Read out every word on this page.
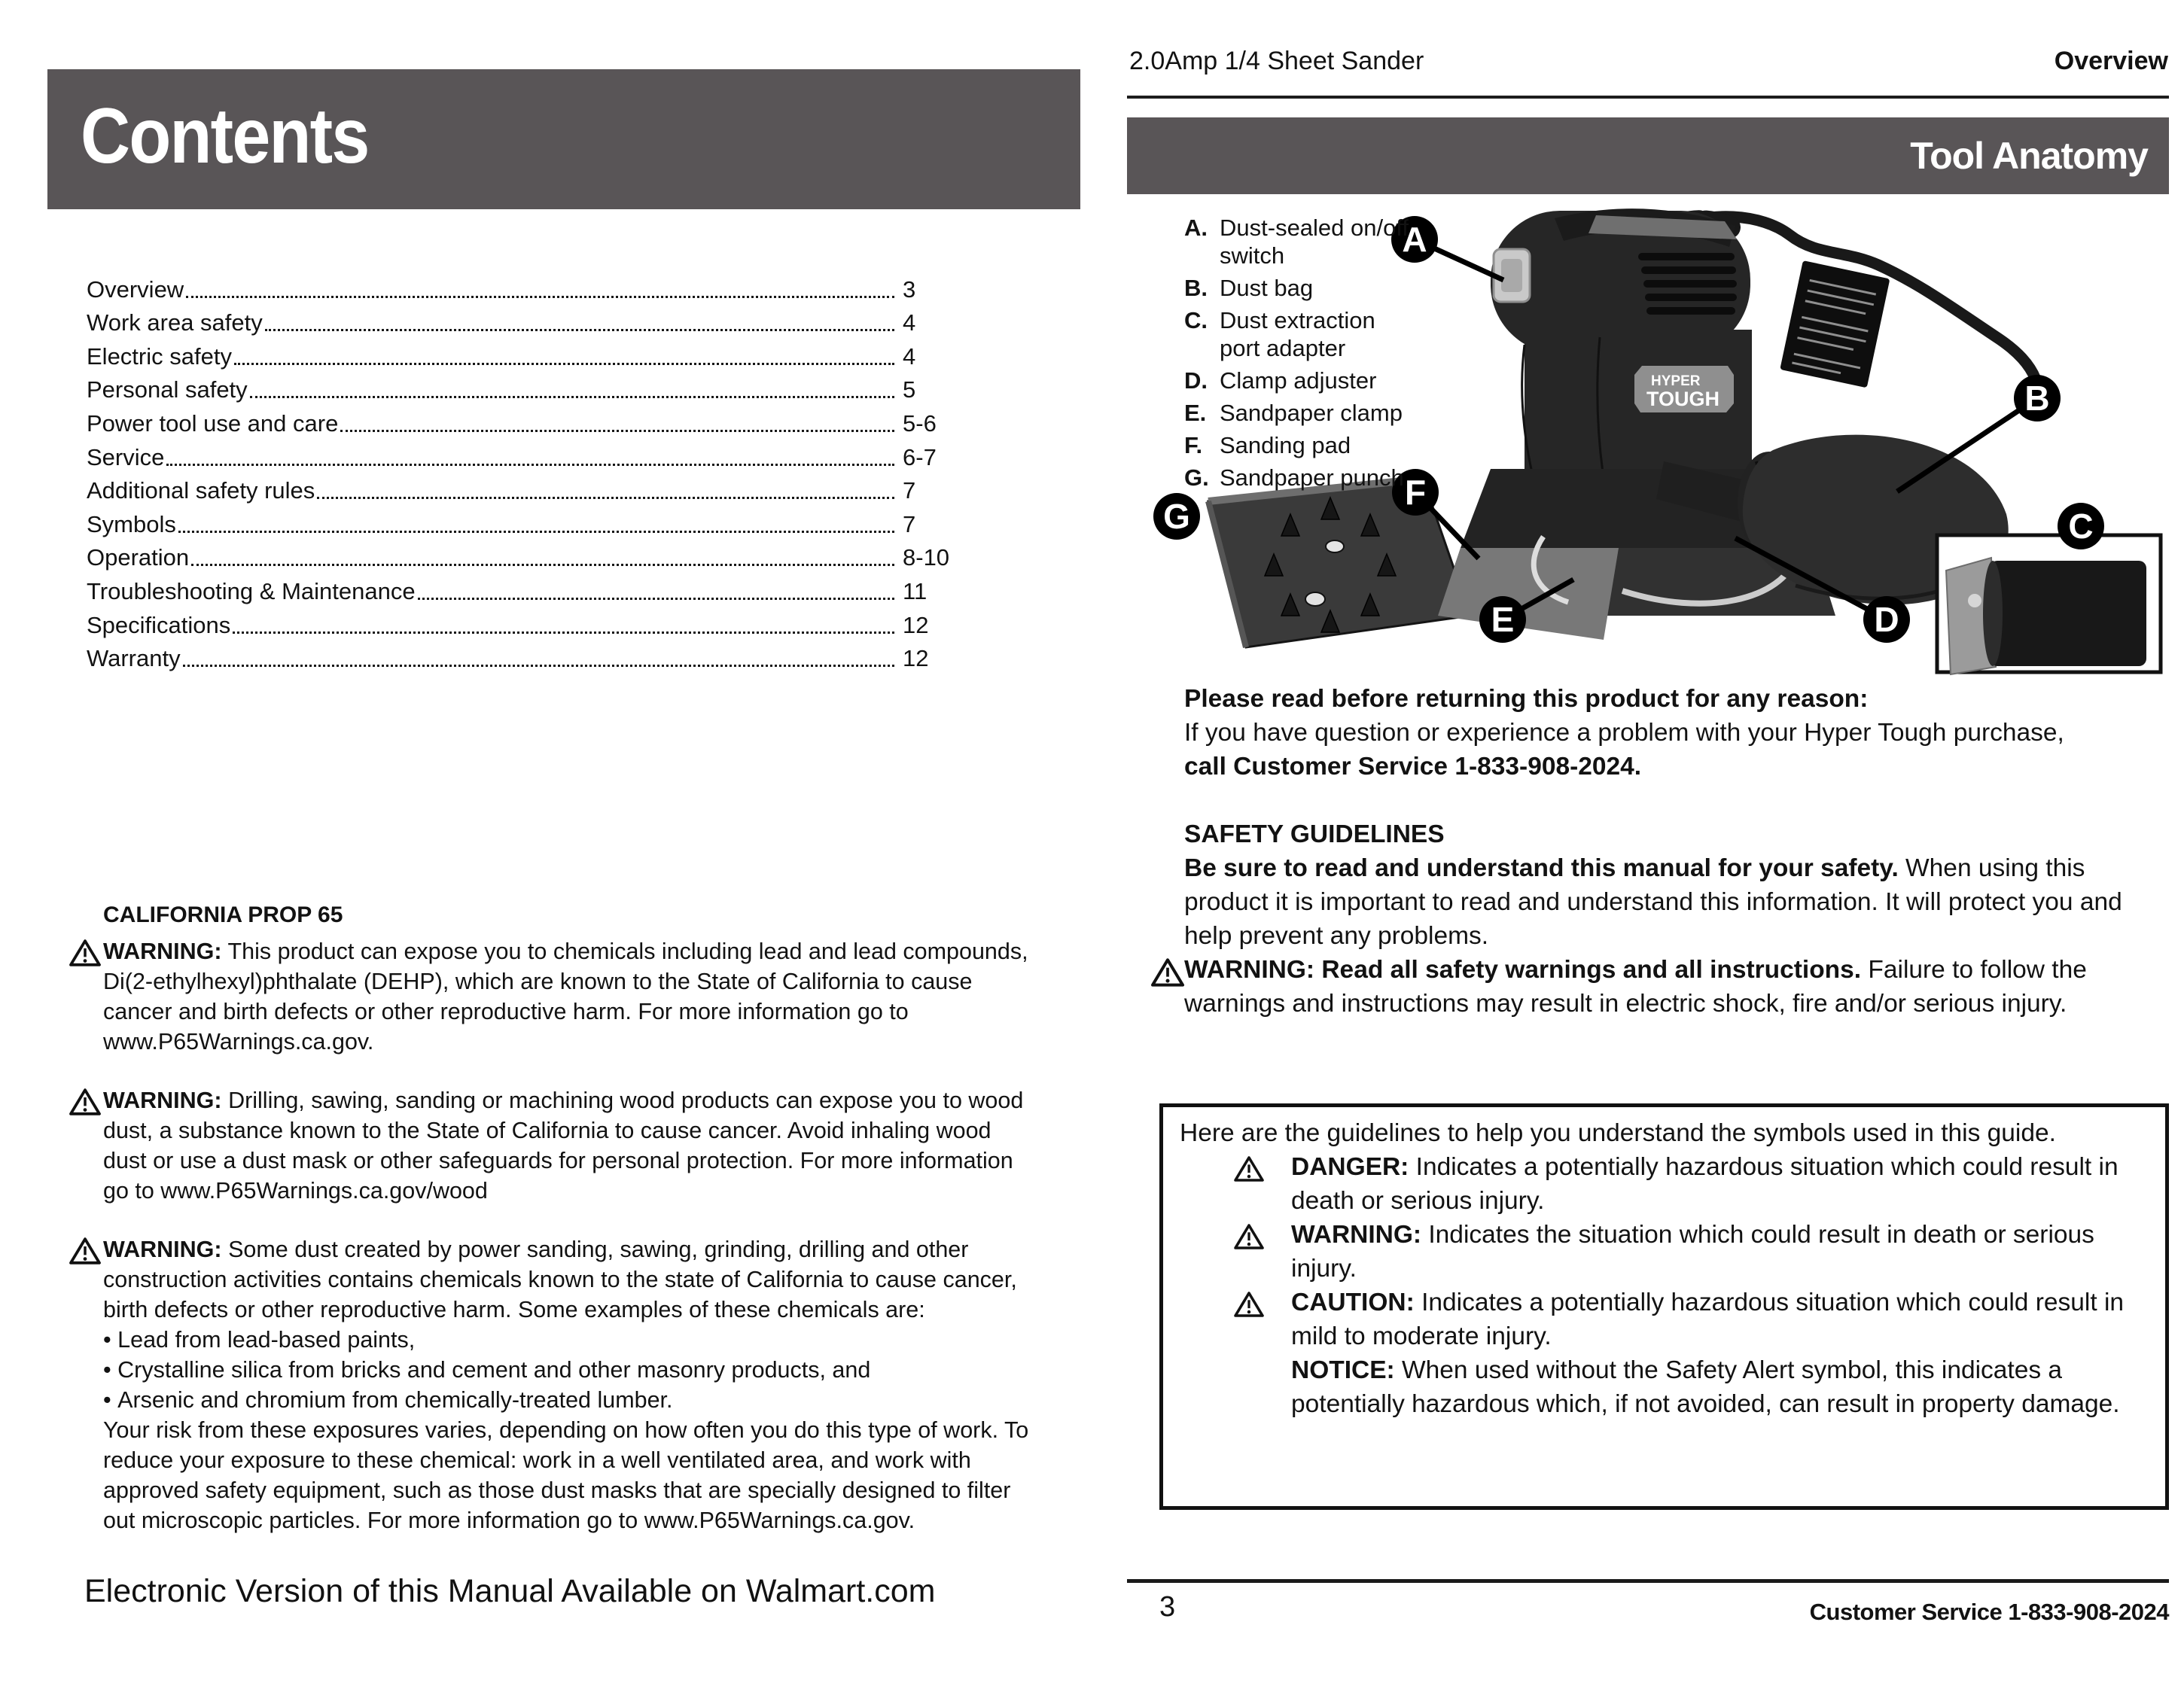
Contents
Overview	3
Work area safety	4
Electric safety	4
Personal safety	5
Power tool use and care	5-6
Service	6-7
Additional safety rules	7
Symbols	7
Operation	8-10
Troubleshooting & Maintenance	11
Specifications	12
Warranty	12
CALIFORNIA PROP 65

WARNING: This product can expose you to chemicals including lead and lead compounds, Di(2-ethylhexyl)phthalate (DEHP), which are known to the State of California to cause cancer and birth defects or other reproductive harm. For more information go to www.P65Warnings.ca.gov.

WARNING: Drilling, sawing, sanding or machining wood products can expose you to wood dust, a substance known to the State of California to cause cancer. Avoid inhaling wood dust or use a dust mask or other safeguards for personal protection. For more information go to www.P65Warnings.ca.gov/wood

WARNING: Some dust created by power sanding, sawing, grinding, drilling and other construction activities contains chemicals known to the state of California to cause cancer, birth defects or other reproductive harm. Some examples of these chemicals are:

• Lead from lead-based paints,
• Crystalline silica from bricks and cement and other masonry products, and
• Arsenic and chromium from chemically-treated lumber.

Your risk from these exposures varies, depending on how often you do this type of work. To reduce your exposure to these chemical: work in a well ventilated area, and work with approved safety equipment, such as those dust masks that are specially designed to filter out microscopic particles. For more information go to www.P65Warnings.ca.gov.

Electronic Version of this Manual Available on Walmart.com
2.0Amp 1/4 Sheet Sander	Overview
Tool Anatomy
A. Dust-sealed on/off switch
B. Dust bag
C. Dust extraction port adapter
D. Clamp adjuster
E. Sandpaper clamp
F. Sanding pad
G. Sandpaper punch
HYPER
TOUGH
A
B
C
D
E
F
G

Please read before returning this product for any reason:

If you have question or experience a problem with your Hyper Tough purchase, call Customer Service 1-833-908-2024.

SAFETY GUIDELINES

Be sure to read and understand this manual for your safety. When using this product it is important to read and understand this information. It will protect you and help prevent any problems.

WARNING: Read all safety warnings and all instructions. Failure to follow the warnings and instructions may result in electric shock, fire and/or serious injury.

Here are the guidelines to help you understand the symbols used in this guide.

DANGER: Indicates a potentially hazardous situation which could result in death or serious injury.
WARNING: Indicates the situation which could result in death or serious injury.
CAUTION: Indicates a potentially hazardous situation which could result in mild to moderate injury.
NOTICE: When used without the Safety Alert symbol, this indicates a potentially hazardous which, if not avoided, can result in property damage.
3	Customer Service 1-833-908-2024
